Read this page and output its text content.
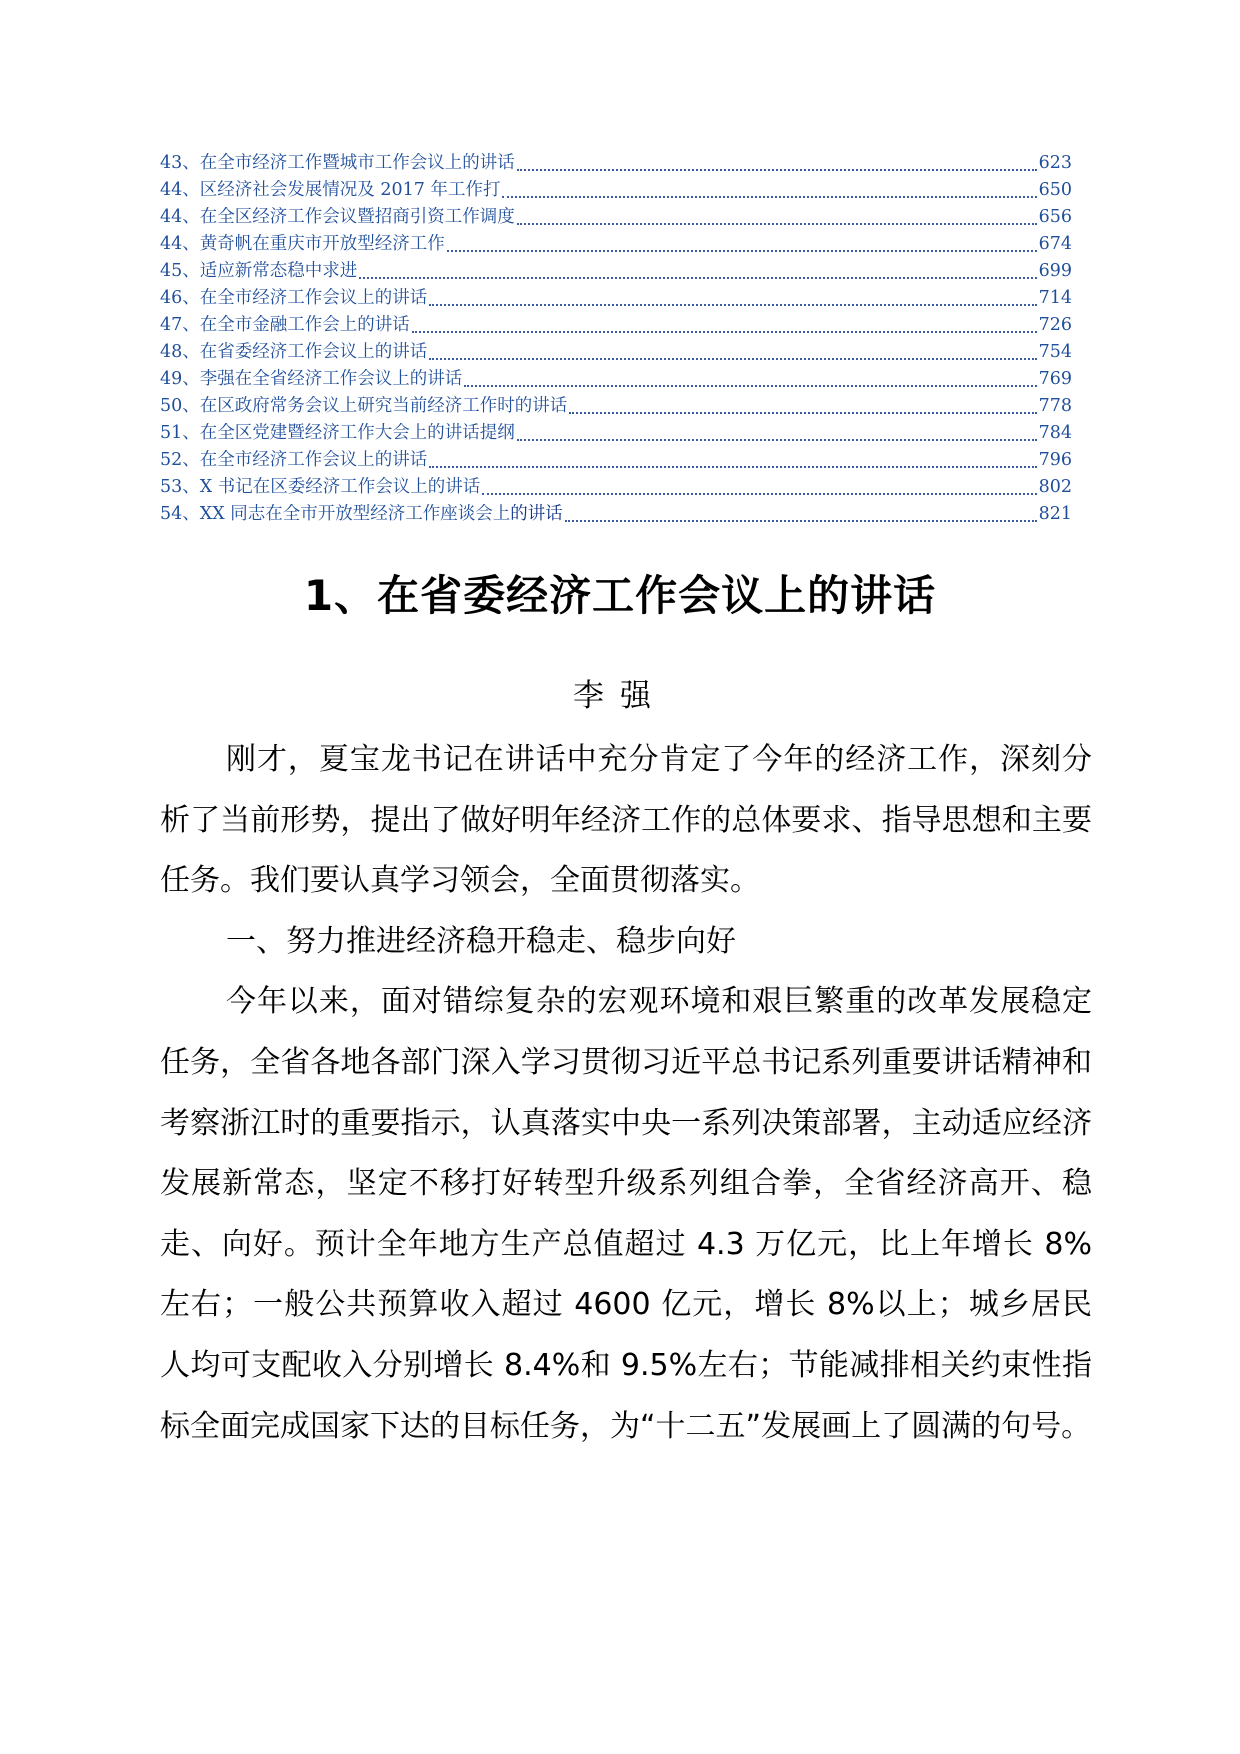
43、 在全市经济工作暨城市工作会议上的讲话	623
44、 区经济社会发展情况及 2017 年工作打	650
44、 在全区经济工作会议暨招商引资工作调度	656
44、 黄奇帆在重庆市开放型经济工作	674
45、 适应新常态稳中求进	699
46、 在全市经济工作会议上的讲话	714
47、 在全市金融工作会上的讲话	726
48、 在省委经济工作会议上的讲话	754
49、 李强在全省经济工作会议上的讲话	769
50、 在区政府常务会议上研究当前经济工作时的讲话	778
51、 在全区党建暨经济工作大会上的讲话提纲	784
52、 在全市经济工作会议上的讲话	796
53、 X 书记在区委经济工作会议上的讲话	802
54、 XX 同志在全市开放型经济工作座谈会上的讲话	821
1、在省委经济工作会议上的讲话
李强

刚才，夏宝龙书记在讲话中充分肯定了今年的经济工作，深刻分析了当前形势，提出了做好明年经济工作的总体要求、指导思想和主要任务。我们要认真学习领会，全面贯彻落实。

一、努力推进经济稳开稳走、稳步向好

今年以来，面对错综复杂的宏观环境和艰巨繁重的改革发展稳定任务，全省各地各部门深入学习贯彻习近平总书记系列重要讲话精神和考察浙江时的重要指示，认真落实中央一系列决策部署，主动适应经济发展新常态，坚定不移打好转型升级系列组合拳，全省经济高开、稳走、向好。预计全年地方生产总值超过 4.3 万亿元，比上年增长 8%左右；一般公共预算收入超过 4600 亿元，增长 8%以上；城乡居民人均可支配收入分别增长 8.4%和 9.5%左右；节能减排相关约束性指标全面完成国家下达的目标任务，为“十二五”发展画上了圆满的句号。
